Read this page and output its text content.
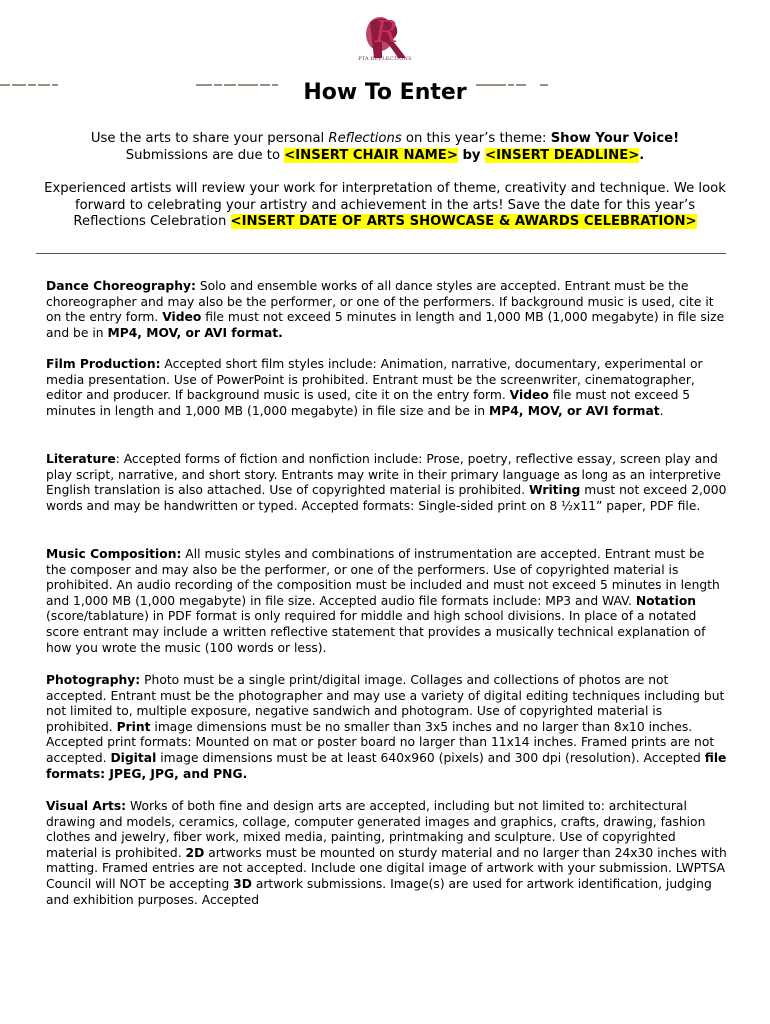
R
PTA REFLECTIONS
How To Enter
Use the arts to share your personal Reflections on this year’s theme: Show Your Voice!
Submissions are due to <INSERT CHAIR NAME> by <INSERT DEADLINE>.
Experienced artists will review your work for interpretation of theme, creativity and technique. We look forward to celebrating your artistry and achievement in the arts! Save the date for this year’s Reflections Celebration <INSERT DATE OF ARTS SHOWCASE & AWARDS CELEBRATION>
Dance Choreography: Solo and ensemble works of all dance styles are accepted. Entrant must be the choreographer and may also be the performer, or one of the performers. If background music is used, cite it on the entry form. Video file must not exceed 5 minutes in length and 1,000 MB (1,000 megabyte) in file size and be in MP4, MOV, or AVI format.
Film Production: Accepted short film styles include: Animation, narrative, documentary, experimental or media presentation. Use of PowerPoint is prohibited. Entrant must be the screenwriter, cinematographer, editor and producer. If background music is used, cite it on the entry form. Video file must not exceed 5 minutes in length and 1,000 MB (1,000 megabyte) in file size and be in MP4, MOV, or AVI format.
Literature: Accepted forms of fiction and nonfiction include: Prose, poetry, reflective essay, screen play and play script, narrative, and short story. Entrants may write in their primary language as long as an interpretive English translation is also attached. Use of copyrighted material is prohibited. Writing must not exceed 2,000 words and may be handwritten or typed. Accepted formats: Single-sided print on 8 ½x11” paper, PDF file.
Music Composition: All music styles and combinations of instrumentation are accepted. Entrant must be the composer and may also be the performer, or one of the performers. Use of copyrighted material is prohibited. An audio recording of the composition must be included and must not exceed 5 minutes in length and 1,000 MB (1,000 megabyte) in file size. Accepted audio file formats include: MP3 and WAV. Notation (score/tablature) in PDF format is only required for middle and high school divisions. In place of a notated score entrant may include a written reflective statement that provides a musically technical explanation of how you wrote the music (100 words or less).
Photography: Photo must be a single print/digital image. Collages and collections of photos are not accepted. Entrant must be the photographer and may use a variety of digital editing techniques including but not limited to, multiple exposure, negative sandwich and photogram. Use of copyrighted material is prohibited. Print image dimensions must be no smaller than 3x5 inches and no larger than 8x10 inches. Accepted print formats: Mounted on mat or poster board no larger than 11x14 inches. Framed prints are not accepted. Digital image dimensions must be at least 640x960 (pixels) and 300 dpi (resolution). Accepted file formats: JPEG, JPG, and PNG.
Visual Arts: Works of both fine and design arts are accepted, including but not limited to: architectural drawing and models, ceramics, collage, computer generated images and graphics, crafts, drawing, fashion clothes and jewelry, fiber work, mixed media, painting, printmaking and sculpture. Use of copyrighted material is prohibited. 2D artworks must be mounted on sturdy material and no larger than 24x30 inches with matting. Framed entries are not accepted. Include one digital image of artwork with your submission. LWPTSA Council will NOT be accepting 3D artwork submissions. Image(s) are used for artwork identification, judging and exhibition purposes. Accepted
